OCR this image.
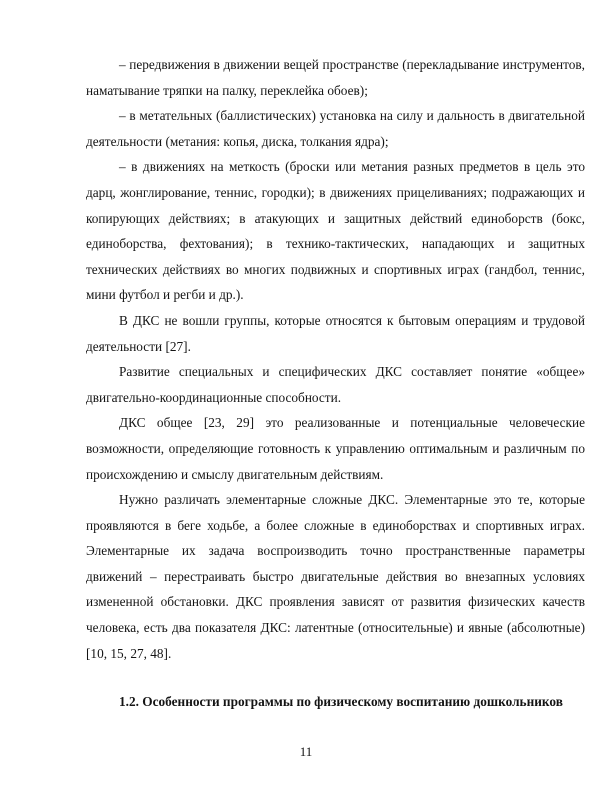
– передвижения в движении вещей пространстве (перекладывание инструментов, наматывание тряпки на палку, переклейка обоев);

– в метательных (баллистических) установка на силу и дальность в двигательной деятельности (метания: копья, диска, толкания ядра);

– в движениях на меткость (броски или метания разных предметов в цель это дарц, жонглирование, теннис, городки); в движениях прицеливаниях; подражающих и копирующих действиях; в атакующих и защитных действий единоборств (бокс, единоборства, фехтования); в технико-тактических, нападающих и защитных технических действиях во многих подвижных и спортивных играх (гандбол, теннис, мини футбол и регби и др.).

В ДКС не вошли группы, которые относятся к бытовым операциям и трудовой деятельности [27].

Развитие специальных и специфических ДКС составляет понятие «общее» двигательно-координационные способности.

ДКС общее [23, 29] это реализованные и потенциальные человеческие возможности, определяющие готовность к управлению оптимальным и различным по происхождению и смыслу двигательным действиям.

Нужно различать элементарные сложные ДКС. Элементарные это те, которые проявляются в беге ходьбе, а более сложные в единоборствах и спортивных играх. Элементарные их задача воспроизводить точно пространственные параметры движений – перестраивать быстро двигательные действия во внезапных условиях измененной обстановки. ДКС проявления зависят от развития физических качеств человека, есть два показателя ДКС: латентные (относительные) и явные (абсолютные) [10, 15, 27, 48].

1.2. Особенности программы по физическому воспитанию дошкольников
11
